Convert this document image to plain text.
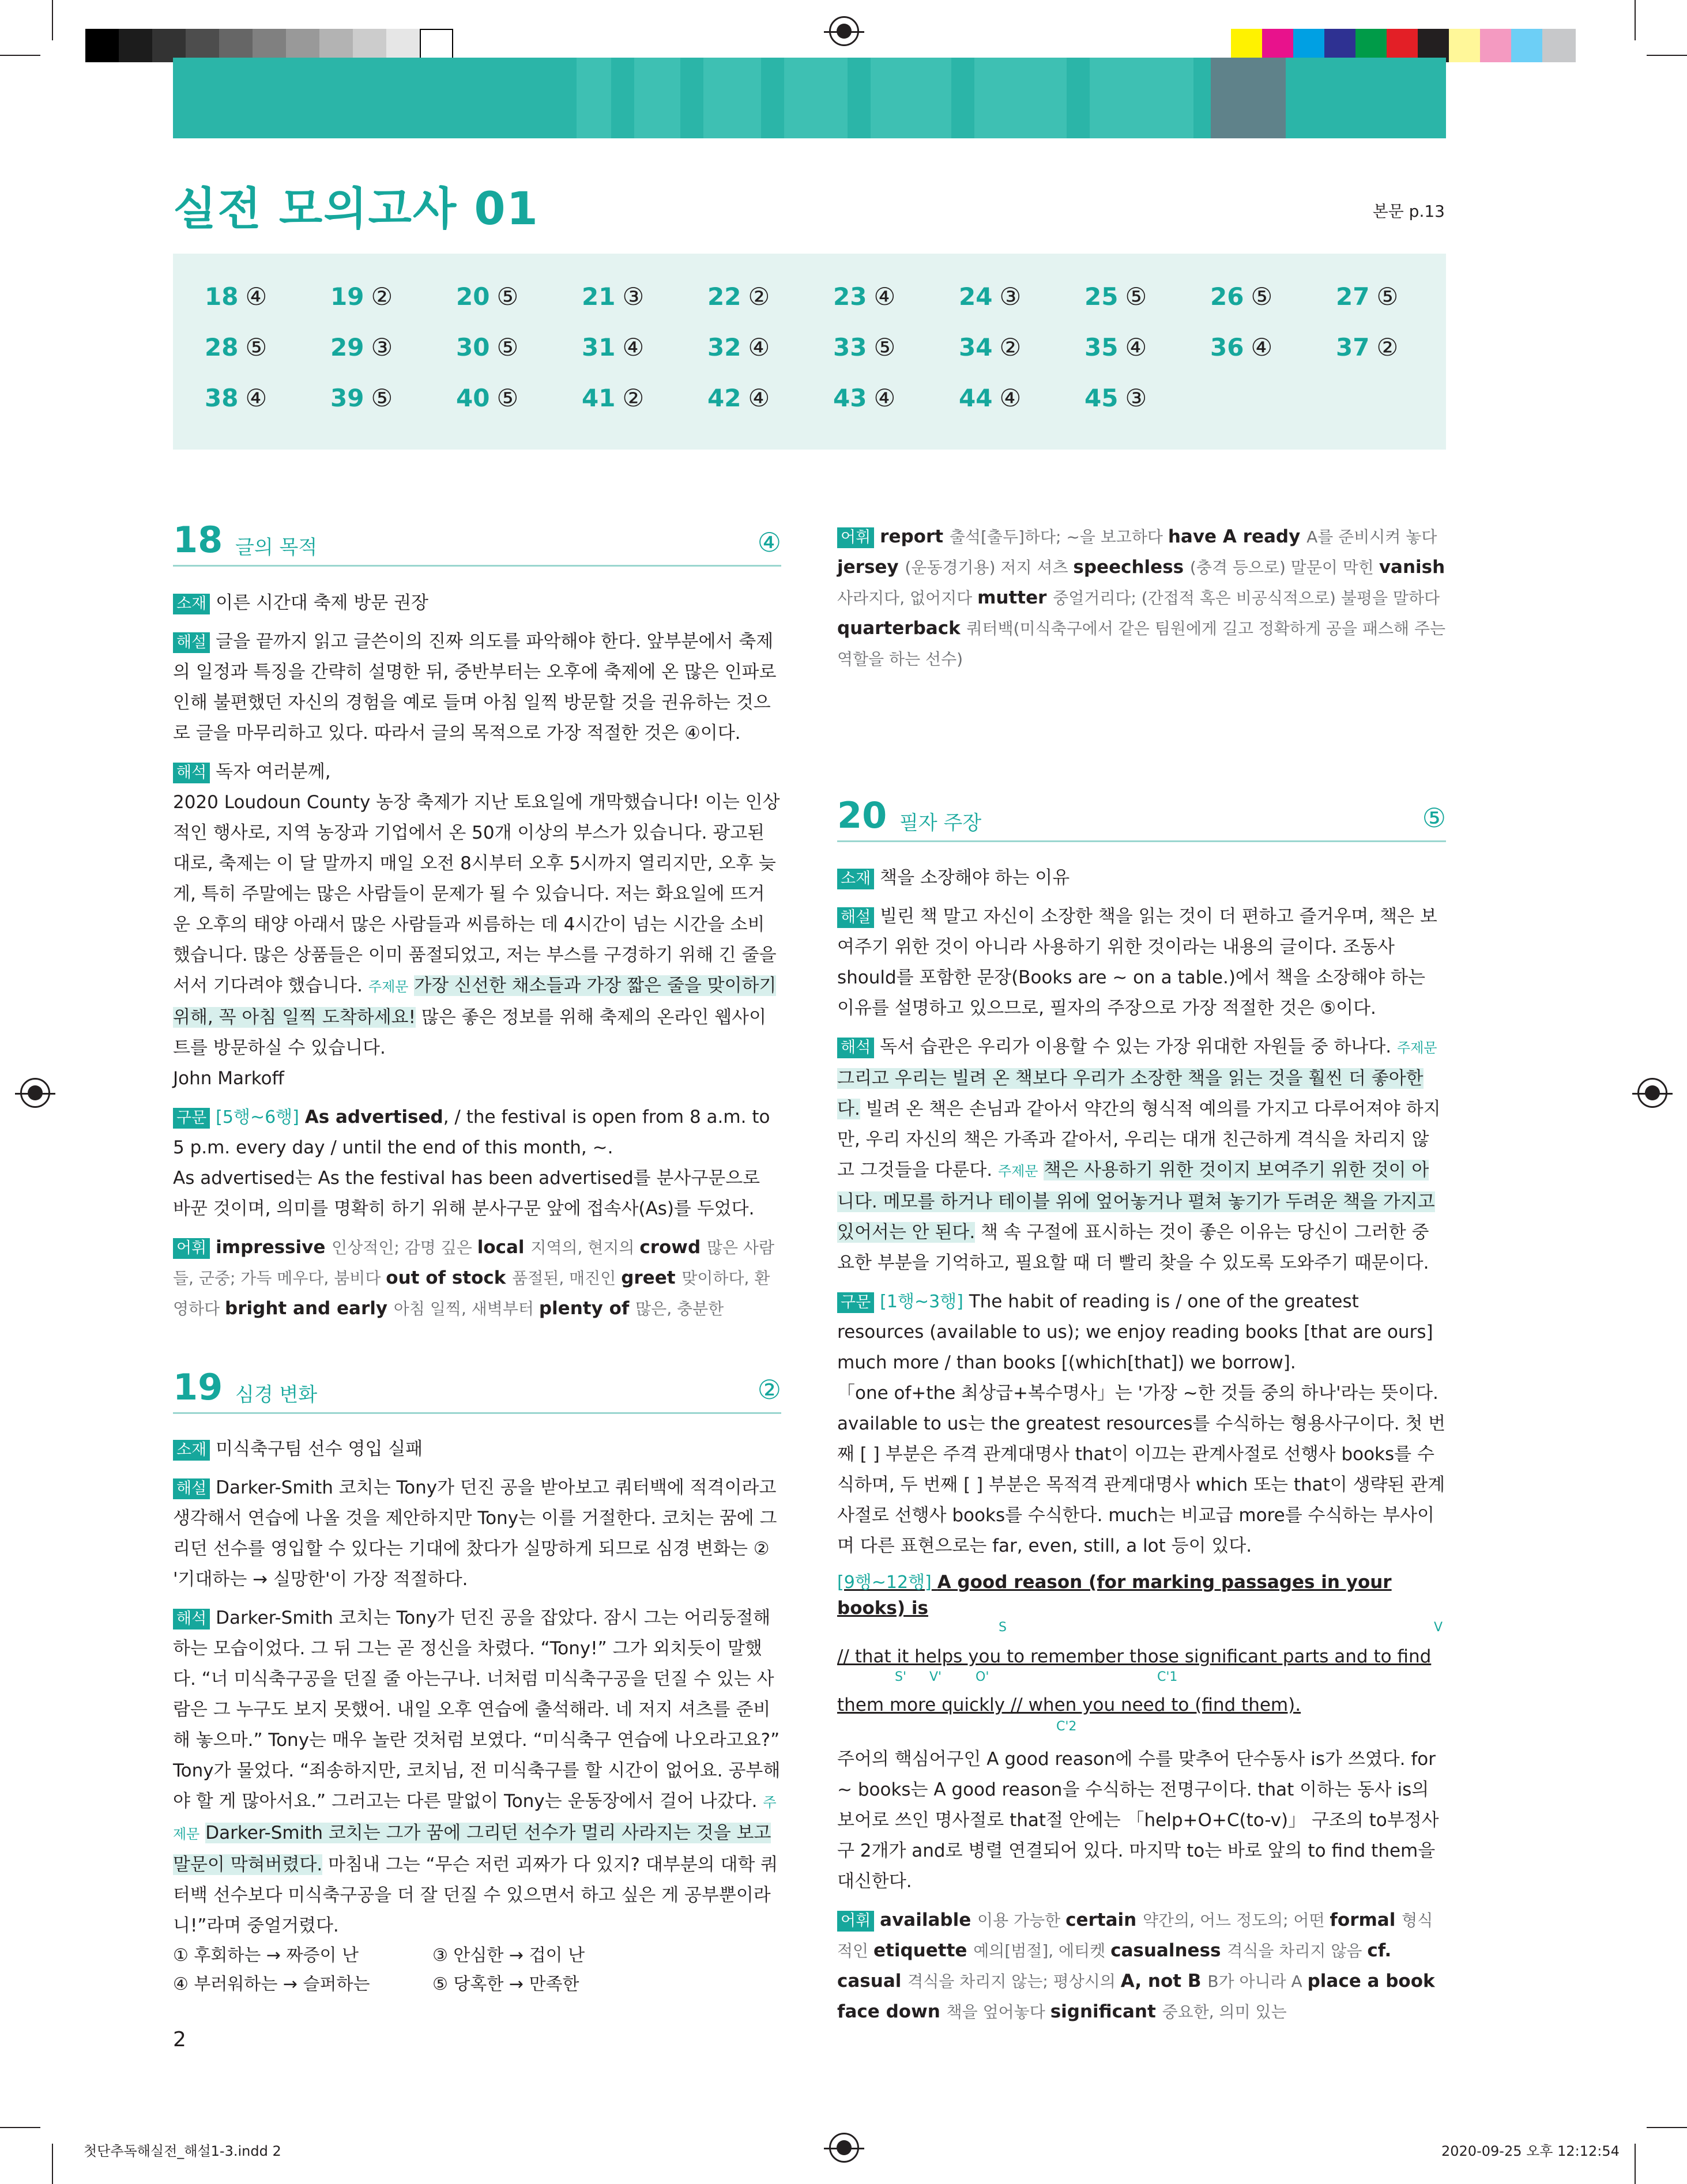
실전 모의고사 01	본문 p.13
18 ④	19 ②	20 ⑤	21 ③	22 ②	23 ④	24 ③	25 ⑤	26 ⑤	27 ⑤
28 ⑤	29 ③	30 ⑤	31 ④	32 ④	33 ⑤	34 ②	35 ④	36 ④	37 ②
38 ④	39 ⑤	40 ⑤	41 ②	42 ④	43 ④	44 ④	45 ③
18 글의 목적	④
소재 이른 시간대 축제 방문 권장
해설 글을 끝까지 읽고 글쓴이의 진짜 의도를 파악해야 한다. 앞부분에서 축제의 일정과 특징을 간략히 설명한 뒤, 중반부터는 오후에 축제에 온 많은 인파로 인해 불편했던 자신의 경험을 예로 들며 아침 일찍 방문할 것을 권유하는 것으로 글을 마무리하고 있다. 따라서 글의 목적으로 가장 적절한 것은 ④이다.
해석 독자 여러분께,
2020 Loudoun County 농장 축제가 지난 토요일에 개막했습니다! 이는 인상적인 행사로, 지역 농장과 기업에서 온 50개 이상의 부스가 있습니다. 광고된 대로, 축제는 이 달 말까지 매일 오전 8시부터 오후 5시까지 열리지만, 오후 늦게, 특히 주말에는 많은 사람들이 문제가 될 수 있습니다. 저는 화요일에 뜨거운 오후의 태양 아래서 많은 사람들과 씨름하는 데 4시간이 넘는 시간을 소비했습니다. 많은 상품들은 이미 품절되었고, 저는 부스를 구경하기 위해 긴 줄을 서서 기다려야 했습니다. 주제문 가장 신선한 채소들과 가장 짧은 줄을 맞이하기 위해, 꼭 아침 일찍 도착하세요! 많은 좋은 정보를 위해 축제의 온라인 웹사이트를 방문하실 수 있습니다.
John Markoff
구문 [5행~6행] As advertised, / the festival is open from 8 a.m. to 5 p.m. every day / until the end of this month, ~.
As advertised는 As the festival has been advertised를 분사구문으로 바꾼 것이며, 의미를 명확히 하기 위해 분사구문 앞에 접속사(As)를 두었다.
어휘 impressive 인상적인; 감명 깊은 local 지역의, 현지의 crowd 많은 사람들, 군중; 가득 메우다, 붐비다 out of stock 품절된, 매진인 greet 맞이하다, 환영하다 bright and early 아침 일찍, 새벽부터 plenty of 많은, 충분한
19 심경 변화	②
소재 미식축구팀 선수 영입 실패
해설 Darker-Smith 코치는 Tony가 던진 공을 받아보고 쿼터백에 적격이라고 생각해서 연습에 나올 것을 제안하지만 Tony는 이를 거절한다. 코치는 꿈에 그리던 선수를 영입할 수 있다는 기대에 찼다가 실망하게 되므로 심경 변화는 ② '기대하는 → 실망한'이 가장 적절하다.
해석 Darker-Smith 코치는 Tony가 던진 공을 잡았다. 잠시 그는 어리둥절해하는 모습이었다. 그 뒤 그는 곧 정신을 차렸다. “Tony!” 그가 외치듯이 말했다. “너 미식축구공을 던질 줄 아는구나. 너처럼 미식축구공을 던질 수 있는 사람은 그 누구도 보지 못했어. 내일 오후 연습에 출석해라. 네 저지 셔츠를 준비해 놓으마.” Tony는 매우 놀란 것처럼 보였다. “미식축구 연습에 나오라고요?” Tony가 물었다. “죄송하지만, 코치님, 전 미식축구를 할 시간이 없어요. 공부해야 할 게 많아서요.” 그러고는 다른 말없이 Tony는 운동장에서 걸어 나갔다. 주제문 Darker-Smith 코치는 그가 꿈에 그리던 선수가 멀리 사라지는 것을 보고 말문이 막혀버렸다. 마침내 그는 “무슨 저런 괴짜가 다 있지? 대부분의 대학 쿼터백 선수보다 미식축구공을 더 잘 던질 수 있으면서 하고 싶은 게 공부뿐이라니!”라며 중얼거렸다.
① 후회하는 → 짜증이 난	③ 안심한 → 겁이 난
④ 부러워하는 → 슬퍼하는	⑤ 당혹한 → 만족한
어휘 report 출석[출두]하다; ~을 보고하다 have A ready A를 준비시켜 놓다 jersey (운동경기용) 저지 셔츠 speechless (충격 등으로) 말문이 막힌 vanish 사라지다, 없어지다 mutter 중얼거리다; (간접적 혹은 비공식적으로) 불평을 말하다 quarterback 쿼터백(미식축구에서 같은 팀원에게 길고 정확하게 공을 패스해 주는 역할을 하는 선수)
20 필자 주장	⑤
소재 책을 소장해야 하는 이유
해설 빌린 책 말고 자신이 소장한 책을 읽는 것이 더 편하고 즐거우며, 책은 보여주기 위한 것이 아니라 사용하기 위한 것이라는 내용의 글이다. 조동사 should를 포함한 문장(Books are ~ on a table.)에서 책을 소장해야 하는 이유를 설명하고 있으므로, 필자의 주장으로 가장 적절한 것은 ⑤이다.
해석 독서 습관은 우리가 이용할 수 있는 가장 위대한 자원들 중 하나다. 주제문 그리고 우리는 빌려 온 책보다 우리가 소장한 책을 읽는 것을 훨씬 더 좋아한다. 빌려 온 책은 손님과 같아서 약간의 형식적 예의를 가지고 다루어져야 하지만, 우리 자신의 책은 가족과 같아서, 우리는 대개 친근하게 격식을 차리지 않고 그것들을 다룬다. 주제문 책은 사용하기 위한 것이지 보여주기 위한 것이 아니다. 메모를 하거나 테이블 위에 엎어놓거나 펼쳐 놓기가 두려운 책을 가지고 있어서는 안 된다. 책 속 구절에 표시하는 것이 좋은 이유는 당신이 그러한 중요한 부분을 기억하고, 필요할 때 더 빨리 찾을 수 있도록 도와주기 때문이다.
구문 [1행~3행] The habit of reading is / one of the greatest resources (available to us); we enjoy reading books [that are ours] much more / than books [(which[that]) we borrow].
「one of+the 최상급+복수명사」는 '가장 ~한 것들 중의 하나'라는 뜻이다. available to us는 the greatest resources를 수식하는 형용사구이다. 첫 번째 [ ] 부분은 주격 관계대명사 that이 이끄는 관계사절로 선행사 books를 수식하며, 두 번째 [ ] 부분은 목적격 관계대명사 which 또는 that이 생략된 관계사절로 선행사 books를 수식한다. much는 비교급 more를 수식하는 부사이며 다른 표현으로는 far, even, still, a lot 등이 있다.
[9행~12행] A good reason (for marking passages in your books) is
S	V
// that it helps you to remember those significant parts and to find
S' V'	O'	C'1
them more quickly // when you need to (find them).
C'2
주어의 핵심어구인 A good reason에 수를 맞추어 단수동사 is가 쓰였다. for ~ books는 A good reason을 수식하는 전명구이다. that 이하는 동사 is의 보어로 쓰인 명사절로 that절 안에는 「help+O+C(to-v)」 구조의 to부정사구 2개가 and로 병렬 연결되어 있다. 마지막 to는 바로 앞의 to find them을 대신한다.
어휘 available 이용 가능한 certain 약간의, 어느 정도의; 어떤 formal 형식적인 etiquette 예의[범절], 에티켓 casualness 격식을 차리지 않음 cf. casual 격식을 차리지 않는; 평상시의 A, not B B가 아니라 A place a book face down 책을 엎어놓다 significant 중요한, 의미 있는
2
첫단추독해실전_해설1-3.indd 2	2020-09-25 오후 12:12:54
